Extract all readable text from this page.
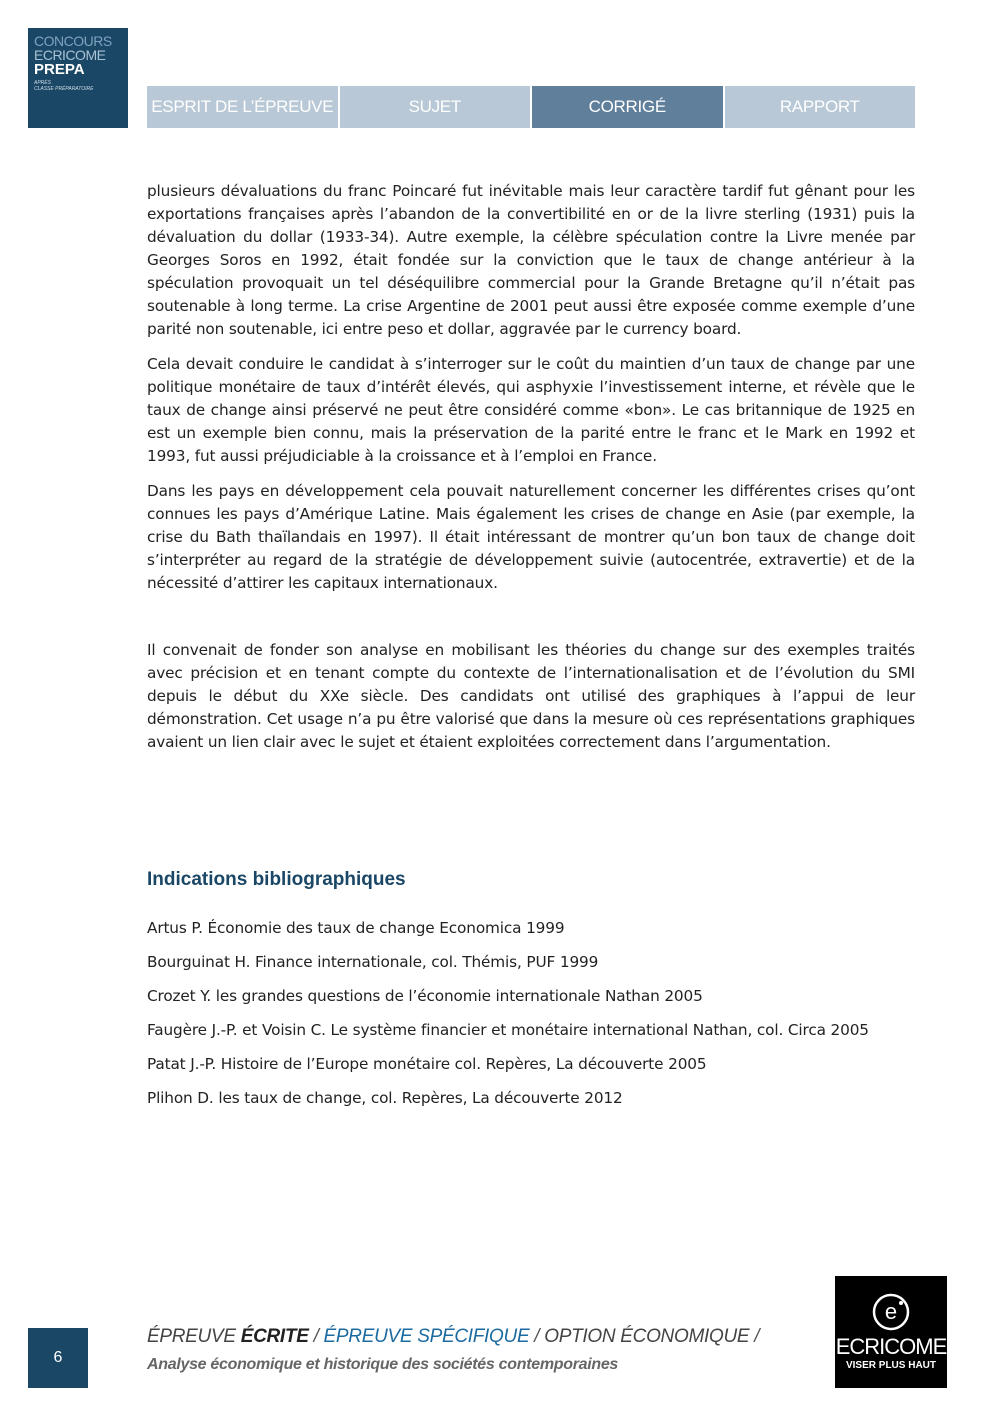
CONCOURS
ECRICOME
PREPA
APRÈS
CLASSE PRÉPARATOIRE
ESPRIT DE L’ÉPREUVE	SUJET	CORRIGÉ	RAPPORT

plusieurs dévaluations du franc Poincaré fut inévitable mais leur caractère tardif fut gênant pour les exportations françaises après l’abandon de la convertibilité en or de la livre sterling (1931) puis la dévaluation du dollar (1933-34). Autre exemple, la célèbre spéculation contre la Livre menée par Georges Soros en 1992, était fondée sur la conviction que le taux de change antérieur à la spéculation provoquait un tel déséquilibre commercial pour la Grande Bretagne qu’il n’était pas soutenable à long terme. La crise Argentine de 2001 peut aussi être exposée comme exemple d’une parité non soutenable, ici entre peso et dollar, aggravée par le currency board.

Cela devait conduire le candidat à s’interroger sur le coût du maintien d’un taux de change par une politique monétaire de taux d’intérêt élevés, qui asphyxie l’investissement interne, et révèle que le taux de change ainsi préservé ne peut être considéré comme «bon». Le cas britannique de 1925 en est un exemple bien connu, mais la préservation de la parité entre le franc et le Mark en 1992 et 1993, fut aussi préjudiciable à la croissance et à l’emploi en France.

Dans les pays en développement cela pouvait naturellement concerner les différentes crises qu’ont connues les pays d’Amérique Latine. Mais également les crises de change en Asie (par exemple, la crise du Bath thaïlandais en 1997). Il était intéressant de montrer qu’un bon taux de change doit s’interpréter au regard de la stratégie de développement suivie (autocentrée, extravertie) et de la nécessité d’attirer les capitaux internationaux.

Il convenait de fonder son analyse en mobilisant les théories du change sur des exemples traités avec précision et en tenant compte du contexte de l’internationalisation et de l’évolution du SMI depuis le début du XXe siècle. Des candidats ont utilisé des graphiques à l’appui de leur démonstration. Cet usage n’a pu être valorisé que dans la mesure où ces représentations graphiques avaient un lien clair avec le sujet et étaient exploitées correctement dans l’argumentation.

Indications bibliographiques
Artus P. Économie des taux de change Economica 1999
Bourguinat H. Finance internationale, col. Thémis, PUF 1999
Crozet Y. les grandes questions de l’économie internationale Nathan 2005
Faugère J.-P. et Voisin C. Le système financier et monétaire international Nathan, col. Circa 2005
Patat J.-P. Histoire de l’Europe monétaire col. Repères, La découverte 2005
Plihon D. les taux de change, col. Repères, La découverte 2012
6
ÉPREUVE ÉCRITE / ÉPREUVE SPÉCIFIQUE / OPTION ÉCONOMIQUE /
Analyse économique et historique des sociétés contemporaines
e
ECRICOME
VISER PLUS HAUT
